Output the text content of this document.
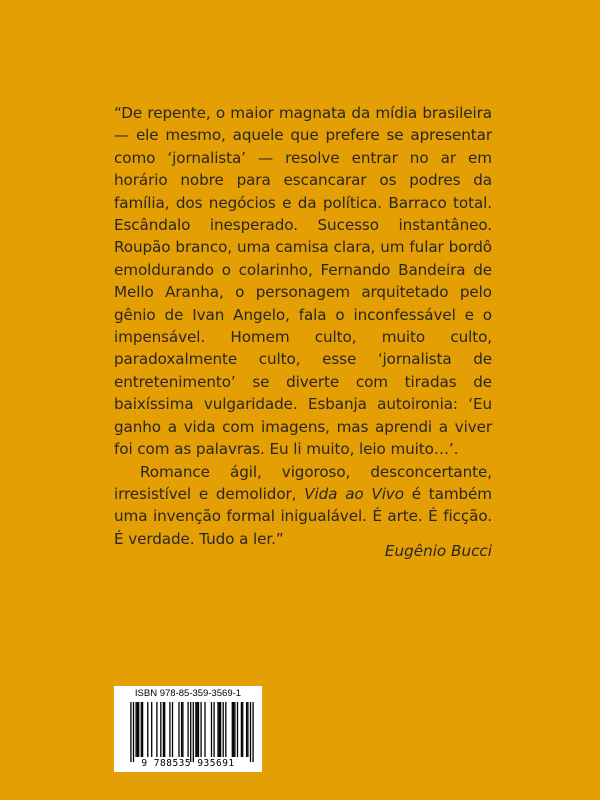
“De repente, o maior magnata da mídia brasileira — ele mesmo, aquele que prefere se apresentar como ‘jornalista’ — resolve entrar no ar em horário nobre para escancarar os podres da família, dos negócios e da política. Barraco total. Escândalo inesperado. Sucesso instantâneo. Roupão branco, uma camisa clara, um fular bordô emoldurando o colarinho, Fernando Bandeira de Mello Aranha, o personagem arquitetado pelo gênio de Ivan Angelo, fala o inconfessável e o impensável. Homem culto, muito culto, paradoxalmente culto, esse ‘jornalista de entretenimento’ se diverte com tiradas de baixíssima vulgaridade. Esbanja autoironia: ‘Eu ganho a vida com imagens, mas aprendi a viver foi com as palavras. Eu li muito, leio muito…’.

Romance ágil, vigoroso, desconcertante, irresistível e demolidor, Vida ao Vivo é também uma invenção formal inigualável. É arte. É ficção. É verdade. Tudo a ler.”

Eugênio Bucci
ISBN 978-85-359-3569-1
9 788535 935691
